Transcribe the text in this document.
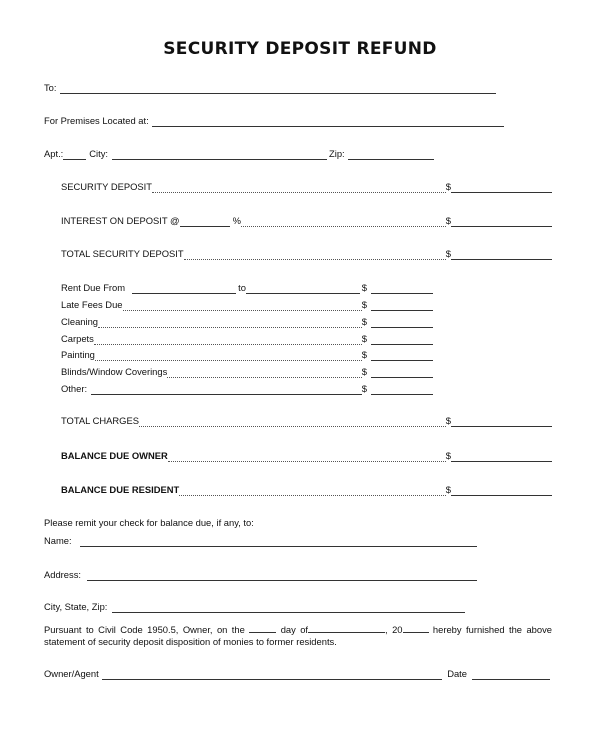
SECURITY DEPOSIT REFUND
To:
For Premises Located at:
Apt.:	City:	Zip:
SECURITY DEPOSIT	$
INTEREST ON DEPOSIT @	%	$
TOTAL SECURITY DEPOSIT	$
Rent Due From	to	$
Late Fees Due	$
Cleaning	$
Carpets	$
Painting	$
Blinds/Window Coverings	$
Other:	$
TOTAL CHARGES	$
BALANCE DUE OWNER	$
BALANCE DUE RESIDENT	$
Please remit your check for balance due, if any, to:
Name:
Address:
City, State, Zip:
Pursuant to Civil Code 1950.5, Owner, on the	day of	, 20	hereby furnished the above statement of security deposit disposition of monies to former residents.
Owner/Agent	Date
